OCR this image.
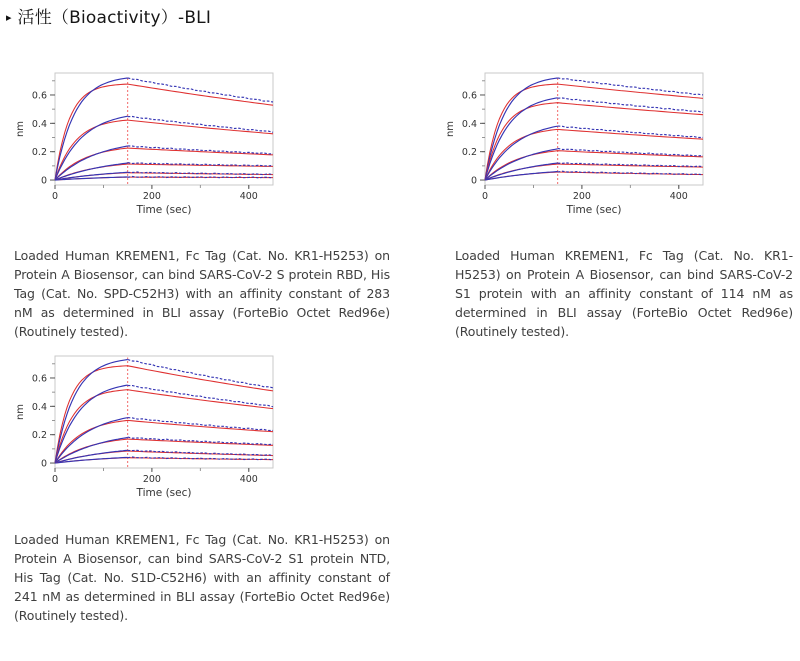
▸ 活性（Bioactivity）-BLI
0
0.2
0.4
0.6
0	200	400
nm
Time (sec)

Loaded Human KREMEN1, Fc Tag (Cat. No. KR1-H5253) on Protein A Biosensor, can bind SARS-CoV-2 S protein RBD, His Tag (Cat. No. SPD-C52H3) with an affinity constant of 283 nM as determined in BLI assay (ForteBio Octet Red96e) (Routinely tested).

0
0.2
0.4
0.6
0	200	400
nm
Time (sec)

Loaded Human KREMEN1, Fc Tag (Cat. No. KR1-H5253) on Protein A Biosensor, can bind SARS-CoV-2 S1 protein with an affinity constant of 114 nM as determined in BLI assay (ForteBio Octet Red96e) (Routinely tested).

0
0.2
0.4
0.6
0	200	400
nm
Time (sec)

Loaded Human KREMEN1, Fc Tag (Cat. No. KR1-H5253) on Protein A Biosensor, can bind SARS-CoV-2 S1 protein NTD, His Tag (Cat. No. S1D-C52H6) with an affinity constant of 241 nM as determined in BLI assay (ForteBio Octet Red96e) (Routinely tested).
